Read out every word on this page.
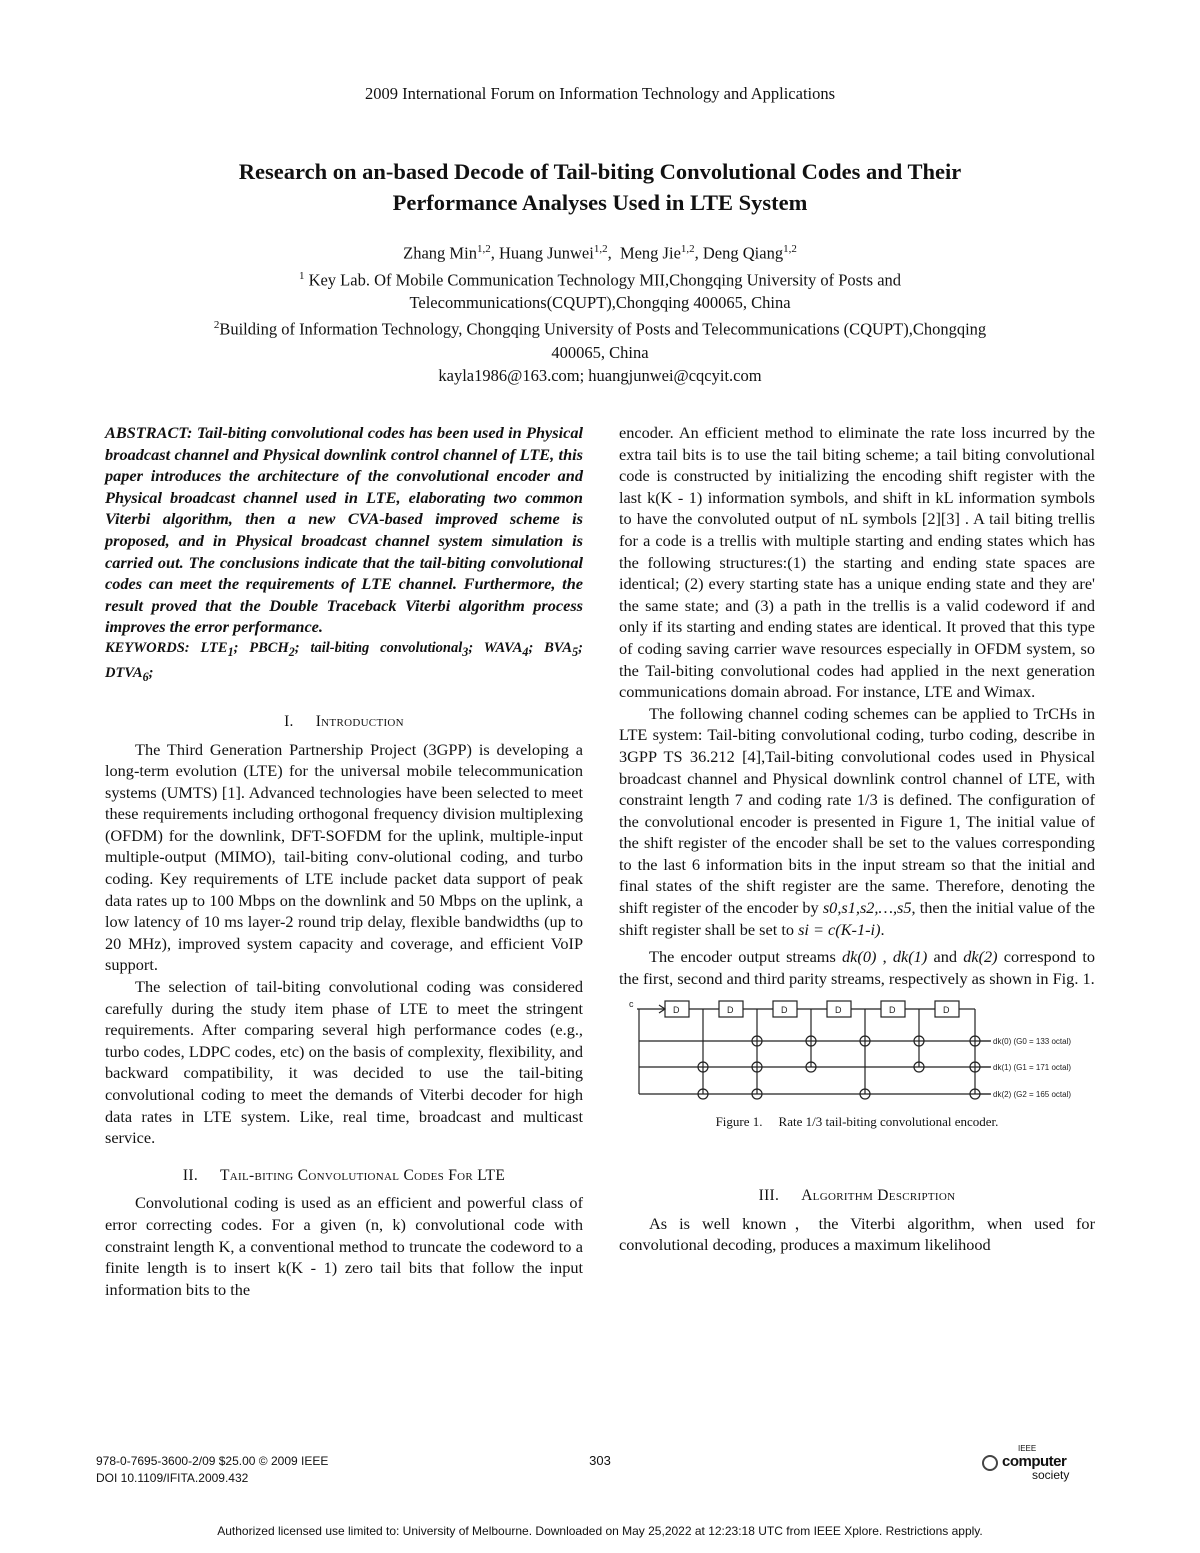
2009 International Forum on Information Technology and Applications
Research on an-based Decode of Tail-biting Convolutional Codes and Their
Performance Analyses Used in LTE System
Zhang Min$^{1,2}$, Huang Junwei$^{1,2}$,  Meng Jie$^{1,2}$, Deng Qiang$^{1,2}$
$^1$ Key Lab. Of Mobile Communication Technology MII,Chongqing University of Posts and
Telecommunications(CQUPT),Chongqing 400065, China
$^2$Building of Information Technology, Chongqing University of Posts and Telecommunications (CQUPT),Chongqing
400065, China
kayla1986@163.com; huangjunwei@cqcyit.com

ABSTRACT: Tail-biting convolutional codes has been used in Physical broadcast channel and Physical downlink control channel of LTE, this paper introduces the architecture of the convolutional encoder and Physical broadcast channel used in LTE, elaborating two common Viterbi algorithm, then a new CVA-based improved scheme is proposed, and in Physical broadcast channel system simulation is carried out. The conclusions indicate that the tail-biting convolutional codes can meet the requirements of LTE channel. Furthermore, the result proved that the Double Traceback Viterbi algorithm process improves the error performance.

KEYWORDS: $LTE_1$; $PBCH_2$; tail-biting convolutional$_3$; $WAVA_4$; $BVA_5$; $DTVA_6$;

I. Introduction

The Third Generation Partnership Project (3GPP) is developing a long-term evolution (LTE) for the universal mobile telecommunication systems (UMTS) [1]. Advanced technologies have been selected to meet these requirements including orthogonal frequency division multiplexing (OFDM) for the downlink, DFT-SOFDM for the uplink, multiple-input multiple-output (MIMO), tail-biting conv-olutional coding, and turbo coding. Key requirements of LTE include packet data support of peak data rates up to 100 Mbps on the downlink and 50 Mbps on the uplink, a low latency of 10 ms layer-2 round trip delay, flexible bandwidths (up to 20 MHz), improved system capacity and coverage, and efficient VoIP support.

The selection of tail-biting convolutional coding was considered carefully during the study item phase of LTE to meet the stringent requirements. After comparing several high performance codes (e.g., turbo codes, LDPC codes, etc) on the basis of complexity, flexibility, and backward compatibility, it was decided to use the tail-biting convolutional coding to meet the demands of Viterbi decoder for high data rates in LTE system. Like, real time, broadcast and multicast service.

II. Tail-biting Convolutional Codes For LTE

Convolutional coding is used as an efficient and powerful class of error correcting codes. For a given (n, k) convolutional code with constraint length K, a conventional method to truncate the codeword to a finite length is to insert k(K - 1) zero tail bits that follow the input information bits to the

encoder. An efficient method to eliminate the rate loss incurred by the extra tail bits is to use the tail biting scheme; a tail biting convolutional code is constructed by initializing the encoding shift register with the last k(K - 1) information symbols, and shift in kL information symbols to have the convoluted output of nL symbols [2][3] . A tail biting trellis for a code is a trellis with multiple starting and ending states which has the following structures:(1) the starting and ending state spaces are identical; (2) every starting state has a unique ending state and they are' the same state; and (3) a path in the trellis is a valid codeword if and only if its starting and ending states are identical. It proved that this type of coding saving carrier wave resources especially in OFDM system, so the Tail-biting convolutional codes had applied in the next generation communications domain abroad. For instance, LTE and Wimax.

The following channel coding schemes can be applied to TrCHs in LTE system: Tail-biting convolutional coding, turbo coding, describe in 3GPP TS 36.212 [4],Tail-biting convolutional codes used in Physical broadcast channel and Physical downlink control channel of LTE, with constraint length 7 and coding rate 1/3 is defined. The configuration of the convolutional encoder is presented in Figure 1, The initial value of the shift register of the encoder shall be set to the values corresponding to the last 6 information bits in the input stream so that the initial and final states of the shift register are the same. Therefore, denoting the shift register of the encoder by s0,s1,s2,…,s5, then the initial value of the shift register shall be set to si = c(K-1-i).

The encoder output streams dk(0) , dk(1) and dk(2) correspond to the first, second and third parity streams, respectively as shown in Fig. 1.

c
D	D	D	D	D	D
dk(0) (G0 = 133 octal)
dk(1) (G1 = 171 octal)
dk(2) (G2 = 165 octal)

Figure 1. Rate 1/3 tail-biting convolutional encoder.

III. Algorithm Description

As is well known，the Viterbi algorithm, when used for convolutional decoding, produces a maximum likelihood

978-0-7695-3600-2/09 $25.00 © 2009 IEEE
DOI 10.1109/IFITA.2009.432
303
IEEE
computer
society
Authorized licensed use limited to: University of Melbourne. Downloaded on May 25,2022 at 12:23:18 UTC from IEEE Xplore. Restrictions apply.
